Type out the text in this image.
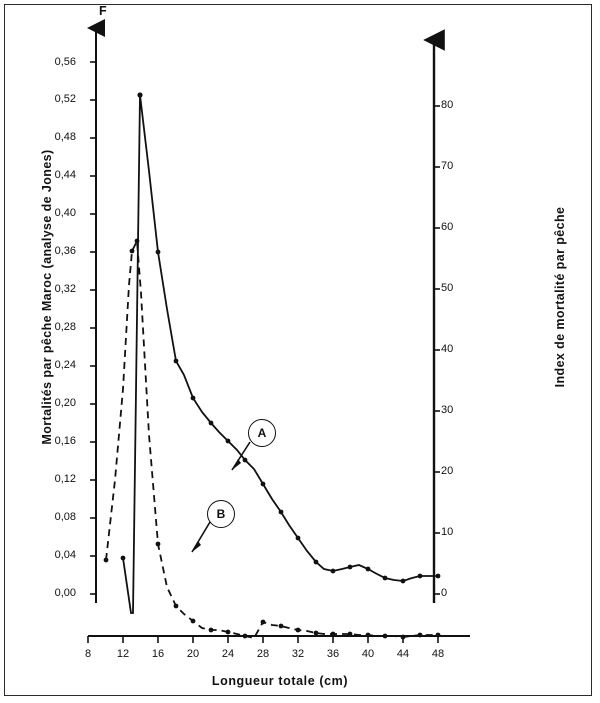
F
Mortalités par pêche Maroc (analyse de Jones)	Index de mortalité par pêche
Longueur totale (cm)
0,56
0,52
0,48
0,44
0,40
0,36
0,32
0,28
0,24
0,20
0,16
0,12
0,08
0,04
0,00
80
70
60
50
40
30
20
10
0
8	12	16	20	24	28	32	36	40	44	48
A
B
